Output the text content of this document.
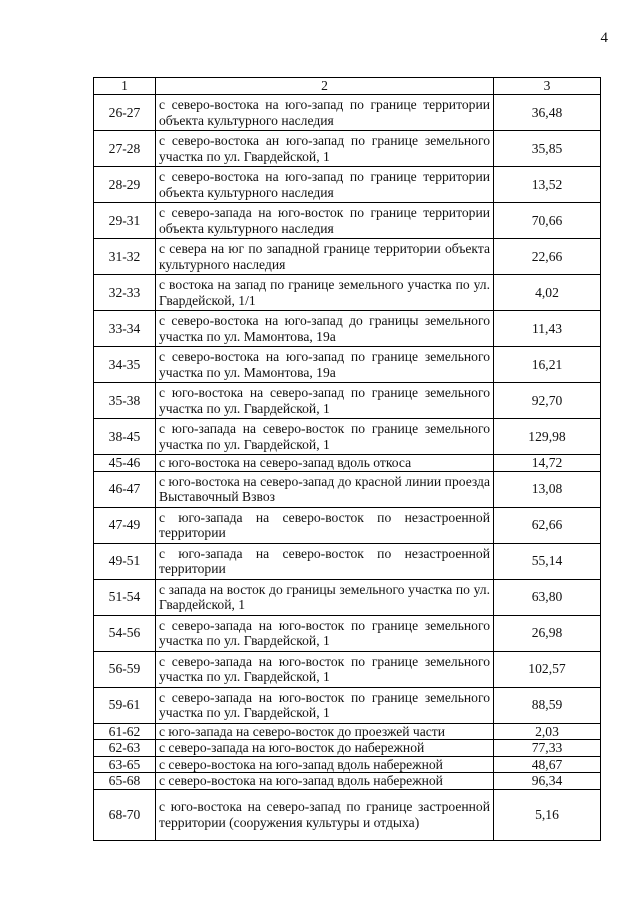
4
1	2	3
26-27	с северо-востока на юго-запад по границе территории объекта культурного наследия	36,48
27-28	с северо-востока ан юго-запад по границе земельного участка по ул. Гвардейской, 1	35,85
28-29	с северо-востока на юго-запад по границе территории объекта культурного наследия	13,52
29-31	с северо-запада на юго-восток по границе территории объекта культурного наследия	70,66
31-32	с севера на юг по западной границе территории объекта культурного наследия	22,66
32-33	с востока на запад по границе земельного участка по ул. Гвардейской, 1/1	4,02
33-34	с северо-востока на юго-запад до границы земельного участка по ул. Мамонтова, 19а	11,43
34-35	с северо-востока на юго-запад по границе земельного участка по ул. Мамонтова, 19а	16,21
35-38	с юго-востока на северо-запад по границе земельного участка по ул. Гвардейской, 1	92,70
38-45	с юго-запада на северо-восток по границе земельного участка по ул. Гвардейской, 1	129,98
45-46	с юго-востока на северо-запад вдоль откоса	14,72
46-47	с юго-востока на северо-запад до красной линии проезда Выставочный Взвоз	13,08
47-49	с юго-запада на северо-восток по незастроенной территории	62,66
49-51	с юго-запада на северо-восток по незастроенной территории	55,14
51-54	с запада на восток до границы земельного участка по ул. Гвардейской, 1	63,80
54-56	с северо-запада на юго-восток по границе земельного участка по ул. Гвардейской, 1	26,98
56-59	с северо-запада на юго-восток по границе земельного участка по ул. Гвардейской, 1	102,57
59-61	с северо-запада на юго-восток по границе земельного участка по ул. Гвардейской, 1	88,59
61-62	с юго-запада на северо-восток до проезжей части	2,03
62-63	с северо-запада на юго-восток до набережной	77,33
63-65	с северо-востока на юго-запад вдоль набережной	48,67
65-68	с северо-востока на юго-запад вдоль набережной	96,34
68-70	с юго-востока на северо-запад по границе застроенной территории (сооружения культуры и отдыха)	5,16
